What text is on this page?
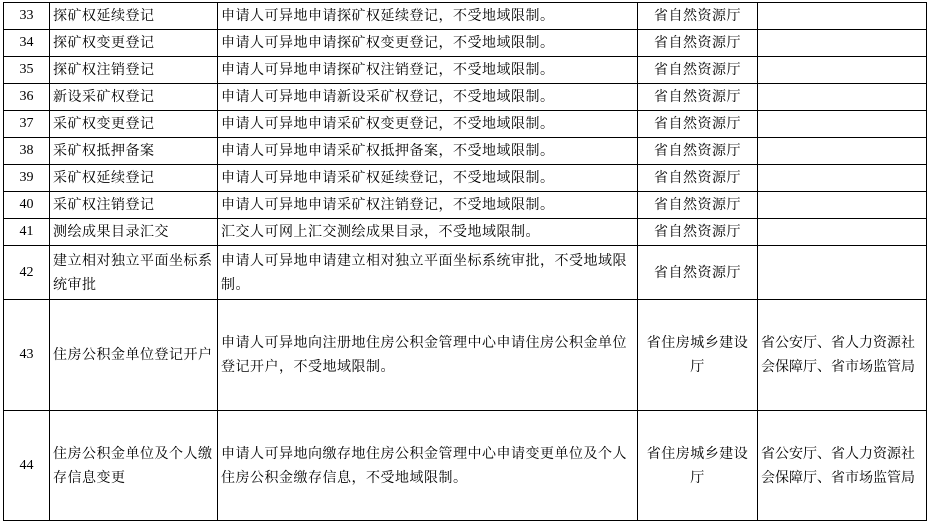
33	探矿权延续登记	申请人可异地申请探矿权延续登记，不受地域限制。	省自然资源厅	
34	探矿权变更登记	申请人可异地申请探矿权变更登记，不受地域限制。	省自然资源厅	
35	探矿权注销登记	申请人可异地申请探矿权注销登记，不受地域限制。	省自然资源厅	
36	新设采矿权登记	申请人可异地申请新设采矿权登记，不受地域限制。	省自然资源厅	
37	采矿权变更登记	申请人可异地申请采矿权变更登记，不受地域限制。	省自然资源厅	
38	采矿权抵押备案	申请人可异地申请采矿权抵押备案，不受地域限制。	省自然资源厅	
39	采矿权延续登记	申请人可异地申请采矿权延续登记，不受地域限制。	省自然资源厅	
40	采矿权注销登记	申请人可异地申请采矿权注销登记，不受地域限制。	省自然资源厅	
41	测绘成果目录汇交	汇交人可网上汇交测绘成果目录，不受地域限制。	省自然资源厅	
42	建立相对独立平面坐标系统审批	申请人可异地申请建立相对独立平面坐标系统审批，不受地域限制。	省自然资源厅	
43	住房公积金单位登记开户	申请人可异地向注册地住房公积金管理中心申请住房公积金单位登记开户，不受地域限制。	省住房城乡建设厅	省公安厅、省人力资源社会保障厅、省市场监管局
44	住房公积金单位及个人缴存信息变更	申请人可异地向缴存地住房公积金管理中心申请变更单位及个人住房公积金缴存信息，不受地域限制。	省住房城乡建设厅	省公安厅、省人力资源社会保障厅、省市场监管局
